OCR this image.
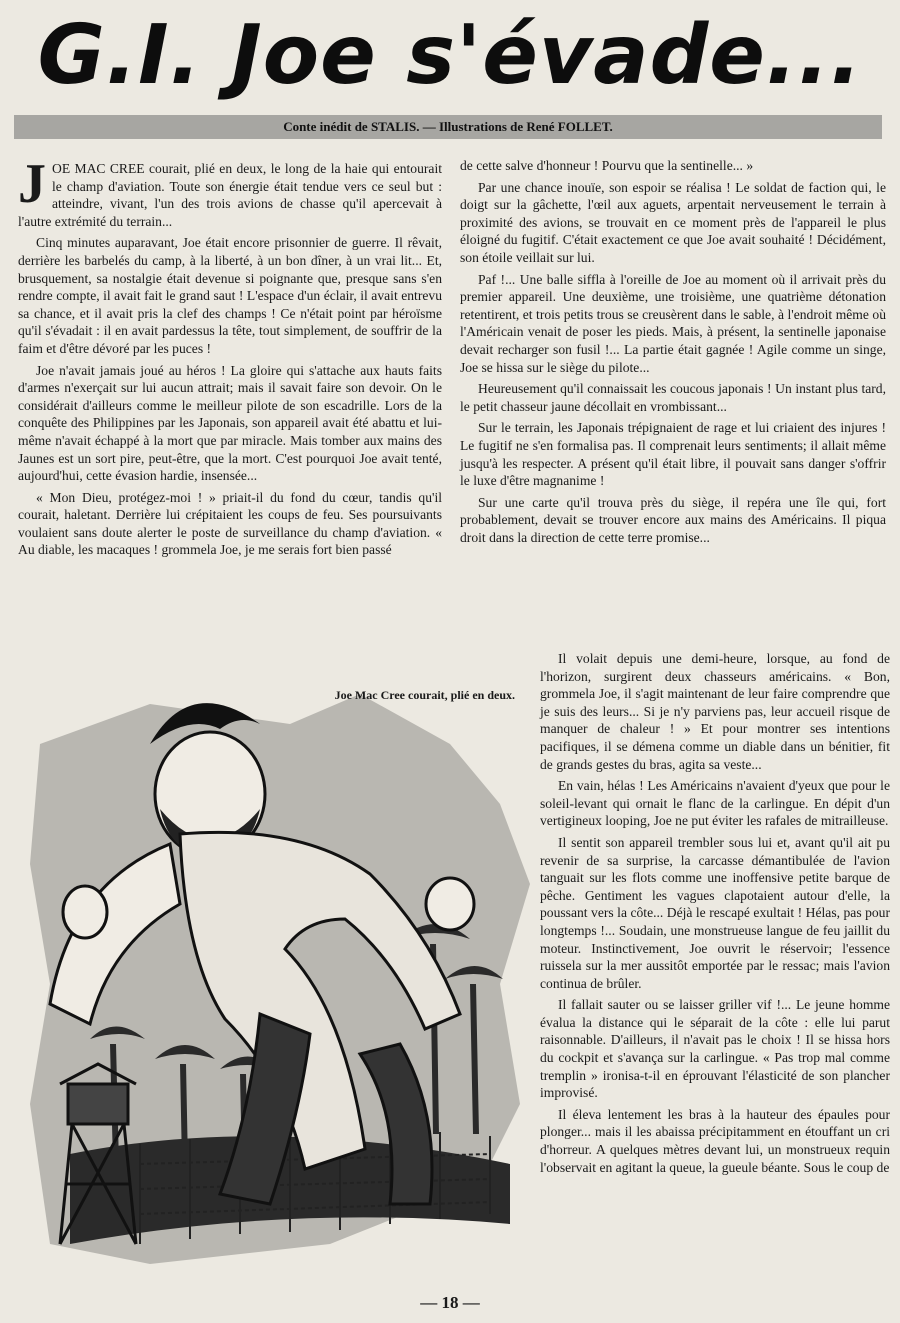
G.I. Joe s'évade...
Conte inédit de STALIS. — Illustrations de René FOLLET.

JOE MAC CREE courait, plié en deux, le long de la haie qui entourait le champ d'aviation. Toute son énergie était tendue vers ce seul but : atteindre, vivant, l'un des trois avions de chasse qu'il apercevait à l'autre extrémité du terrain...

Cinq minutes auparavant, Joe était encore prisonnier de guerre. Il rêvait, derrière les barbelés du camp, à la liberté, à un bon dîner, à un vrai lit... Et, brusquement, sa nostalgie était devenue si poignante que, presque sans s'en rendre compte, il avait fait le grand saut ! L'espace d'un éclair, il avait entrevu sa chance, et il avait pris la clef des champs ! Ce n'était point par héroïsme qu'il s'évadait : il en avait pardessus la tête, tout simplement, de souffrir de la faim et d'être dévoré par les puces !

Joe n'avait jamais joué au héros ! La gloire qui s'attache aux hauts faits d'armes n'exerçait sur lui aucun attrait; mais il savait faire son devoir. On le considérait d'ailleurs comme le meilleur pilote de son escadrille. Lors de la conquête des Philippines par les Japonais, son appareil avait été abattu et lui-même n'avait échappé à la mort que par miracle. Mais tomber aux mains des Jaunes est un sort pire, peut-être, que la mort. C'est pourquoi Joe avait tenté, aujourd'hui, cette évasion hardie, insensée...

« Mon Dieu, protégez-moi ! » priait-il du fond du cœur, tandis qu'il courait, haletant. Derrière lui crépitaient les coups de feu. Ses poursuivants voulaient sans doute alerter le poste de surveillance du champ d'aviation. « Au diable, les macaques ! grommela Joe, je me serais fort bien passé

de cette salve d'honneur ! Pourvu que la sentinelle... »

Par une chance inouïe, son espoir se réalisa ! Le soldat de faction qui, le doigt sur la gâchette, l'œil aux aguets, arpentait nerveusement le terrain à proximité des avions, se trouvait en ce moment près de l'appareil le plus éloigné du fugitif. C'était exactement ce que Joe avait souhaité ! Décidément, son étoile veillait sur lui.

Paf !... Une balle siffla à l'oreille de Joe au moment où il arrivait près du premier appareil. Une deuxième, une troisième, une quatrième détonation retentirent, et trois petits trous se creusèrent dans le sable, à l'endroit même où l'Américain venait de poser les pieds. Mais, à présent, la sentinelle japonaise devait recharger son fusil !... La partie était gagnée ! Agile comme un singe, Joe se hissa sur le siège du pilote...

Heureusement qu'il connaissait les coucous japonais ! Un instant plus tard, le petit chasseur jaune décollait en vrombissant...

Sur le terrain, les Japonais trépignaient de rage et lui criaient des injures ! Le fugitif ne s'en formalisa pas. Il comprenait leurs sentiments; il allait même jusqu'à les respecter. A présent qu'il était libre, il pouvait sans danger s'offrir le luxe d'être magnanime !

Sur une carte qu'il trouva près du siège, il repéra une île qui, fort probablement, devait se trouver encore aux mains des Américains. Il piqua droit dans la direction de cette terre promise...

Il volait depuis une demi-heure, lorsque, au fond de l'horizon, surgirent deux chasseurs américains. « Bon, grommela Joe, il s'agit maintenant de leur faire comprendre que je suis des leurs... Si je n'y parviens pas, leur accueil risque de manquer de chaleur ! » Et pour montrer ses intentions pacifiques, il se démena comme un diable dans un bénitier, fit de grands gestes du bras, agita sa veste...

En vain, hélas ! Les Américains n'avaient d'yeux que pour le soleil-levant qui ornait le flanc de la carlingue. En dépit d'un vertigineux looping, Joe ne put éviter les rafales de mitrailleuse.

Il sentit son appareil trembler sous lui et, avant qu'il ait pu revenir de sa surprise, la carcasse démantibulée de l'avion tanguait sur les flots comme une inoffensive petite barque de pêche. Gentiment les vagues clapotaient autour d'elle, la poussant vers la côte... Déjà le rescapé exultait ! Hélas, pas pour longtemps !... Soudain, une monstrueuse langue de feu jaillit du moteur. Instinctivement, Joe ouvrit le réservoir; l'essence ruissela sur la mer aussitôt emportée par le ressac; mais l'avion continua de brûler.

Il fallait sauter ou se laisser griller vif !... Le jeune homme évalua la distance qui le séparait de la côte : elle lui parut raisonnable. D'ailleurs, il n'avait pas le choix ! Il se hissa hors du cockpit et s'avança sur la carlingue. « Pas trop mal comme tremplin » ironisa-t-il en éprouvant l'élasticité de son plancher improvisé.

Il éleva lentement les bras à la hauteur des épaules pour plonger... mais il les abaissa précipitamment en étouffant un cri d'horreur. A quelques mètres devant lui, un monstrueux requin l'observait en agitant la queue, la gueule béante. Sous le coup de

Joe Mac Cree courait, plié en deux.
— 18 —
